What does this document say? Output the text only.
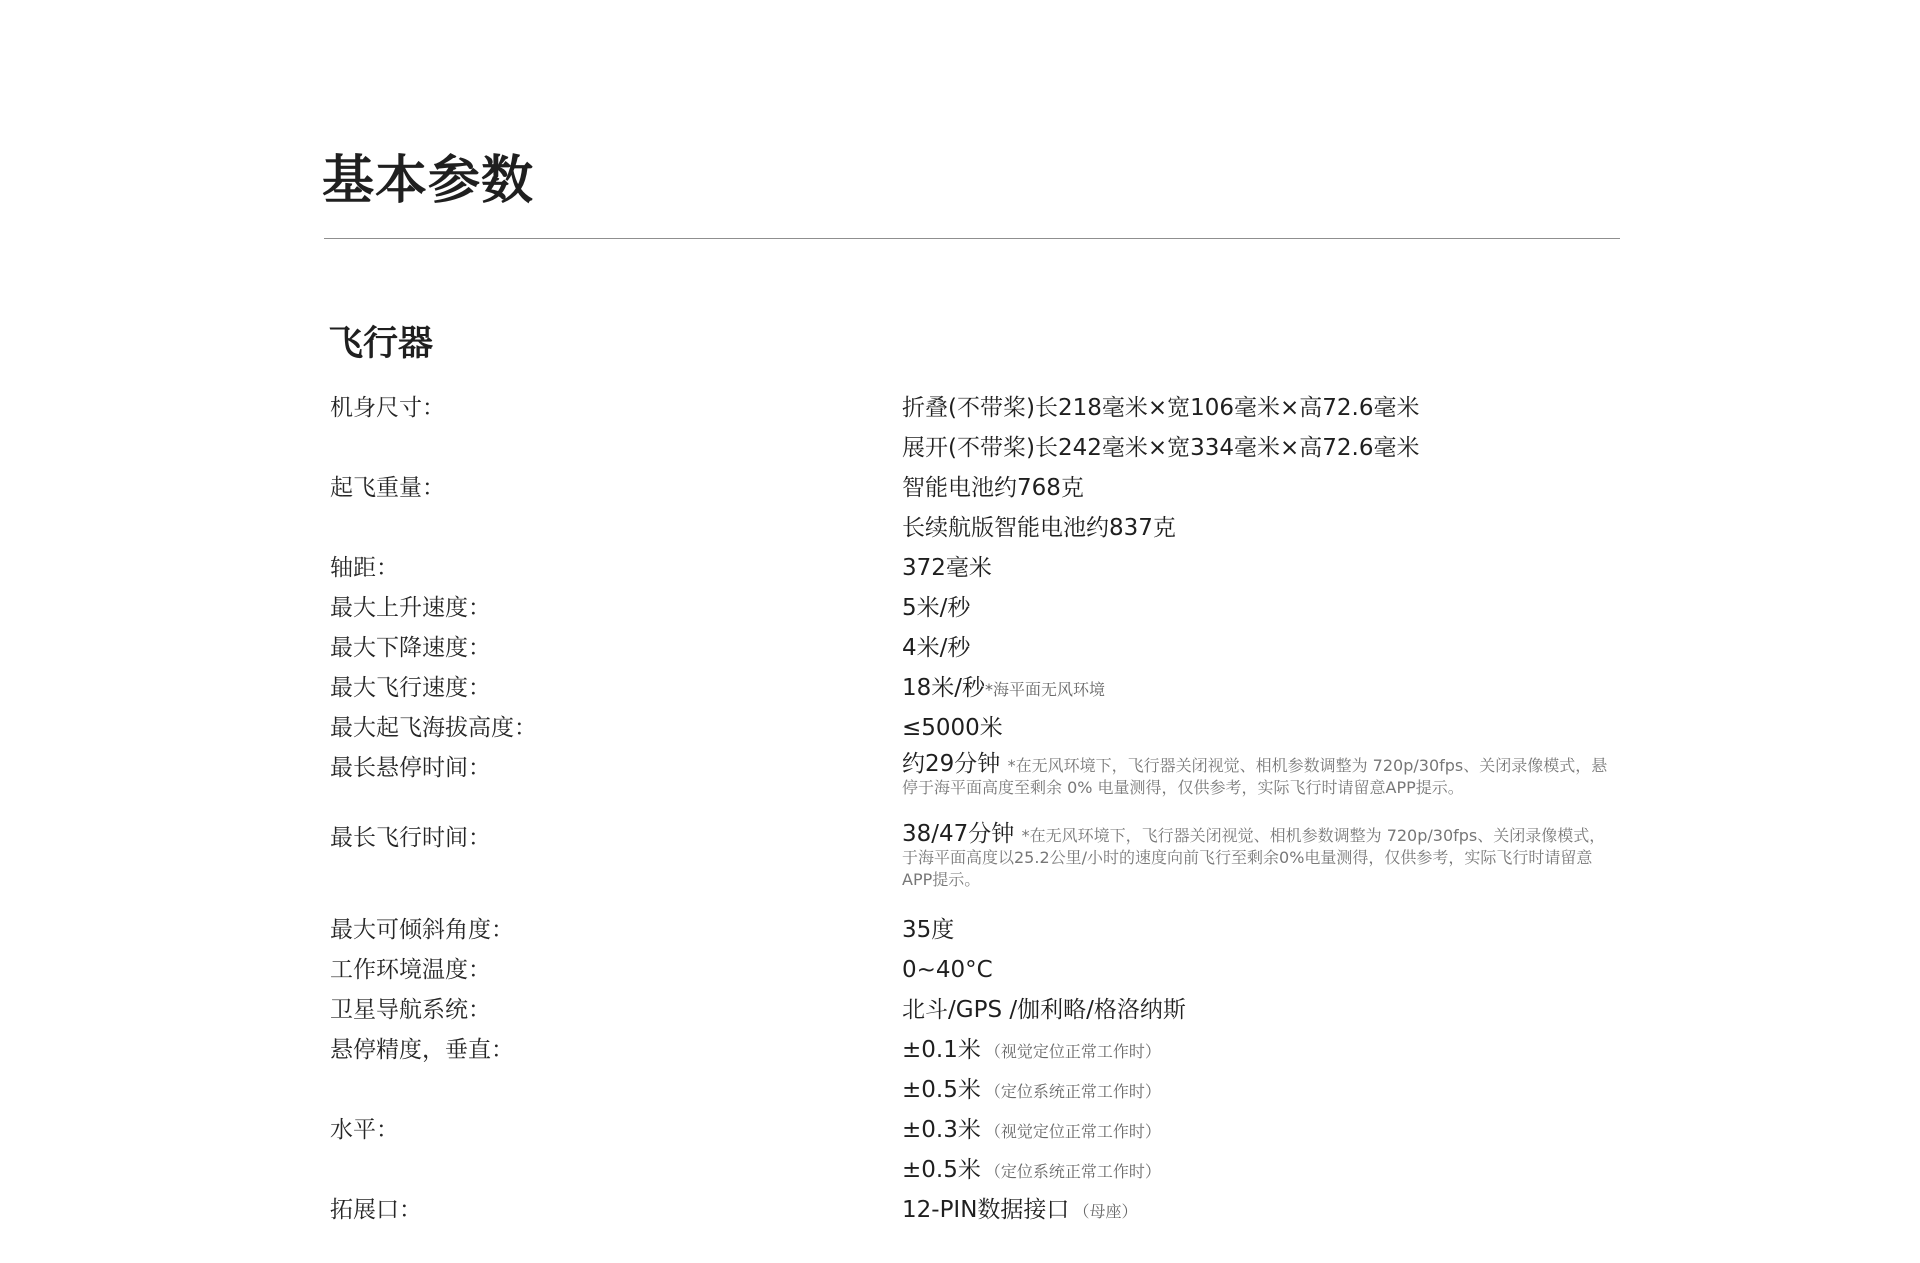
基本参数
飞行器
机身尺寸：	折叠(不带桨)长218毫米×宽106毫米×高72.6毫米
展开(不带桨)长242毫米×宽334毫米×高72.6毫米
起飞重量：	智能电池约768克
长续航版智能电池约837克
轴距：	372毫米
最大上升速度：	5米/秒
最大下降速度：	4米/秒
最大飞行速度：	18米/秒*海平面无风环境
最大起飞海拔高度：	≤5000米
最长悬停时间：	约29分钟 *在无风环境下，飞行器关闭视觉、相机参数调整为 720p/30fps、关闭录像模式，悬停于海平面高度至剩余 0% 电量测得，仅供参考，实际飞行时请留意APP提示。
最长飞行时间：	38/47分钟 *在无风环境下，飞行器关闭视觉、相机参数调整为 720p/30fps、关闭录像模式，于海平面高度以25.2公里/小时的速度向前飞行至剩余0%电量测得，仅供参考，实际飞行时请留意APP提示。
最大可倾斜角度：	35度
工作环境温度：	0~40°C
卫星导航系统：	北斗/GPS /伽利略/格洛纳斯
悬停精度，垂直：	±0.1米 （视觉定位正常工作时）
±0.5米 （定位系统正常工作时）
水平：	±0.3米 （视觉定位正常工作时）
±0.5米 （定位系统正常工作时）
拓展口：	12-PIN数据接口 （母座）
